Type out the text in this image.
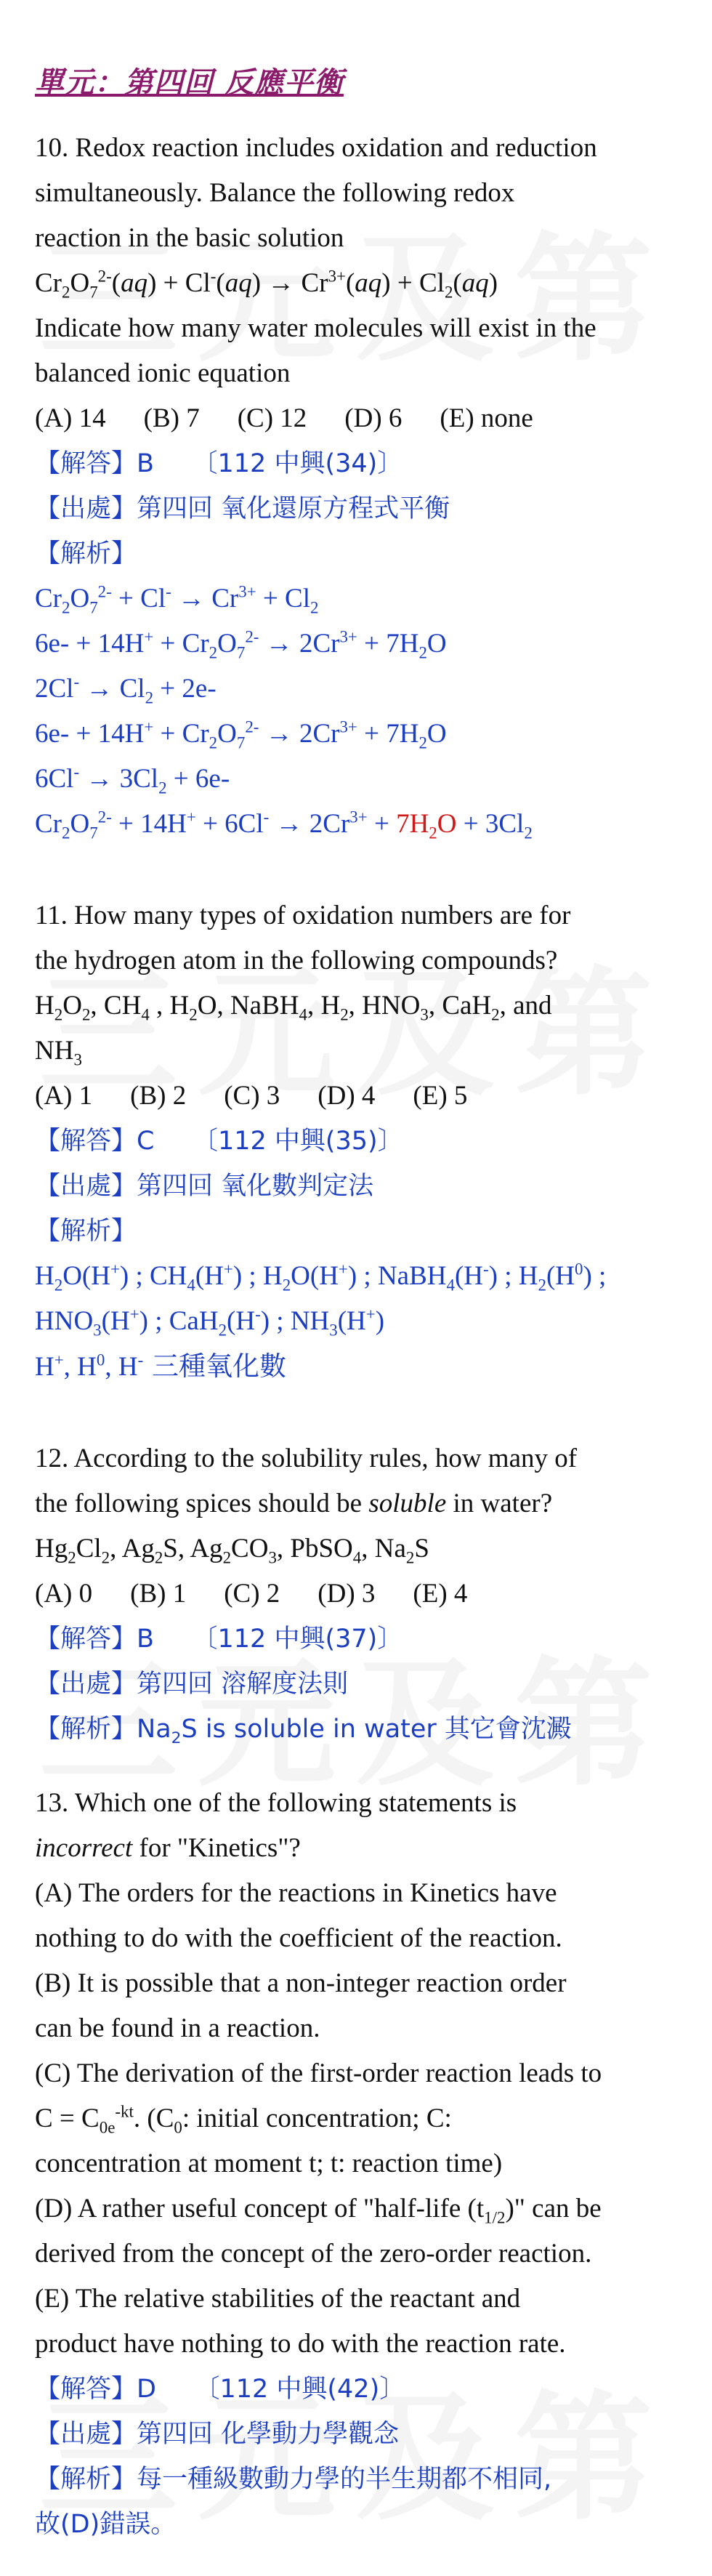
單元：第四回 反應平衡
10. Redox reaction includes oxidation and reduction
simultaneously. Balance the following redox
reaction in the basic solution
$Cr_2O_7^{2-}(aq) + Cl^-(aq) \to Cr^{3+}(aq) + Cl_2(aq)$
Indicate how many water molecules will exist in the
balanced ionic equation
(A) 14 (B) 7 (C) 12 (D) 6 (E) none
【解答】B　　〔112 中興(34)〕
【出處】第四回 氧化還原方程式平衡
【解析】
$Cr_2O_7^{2-} + Cl^- \to Cr^{3+} + Cl_2$
$6e- + 14H^+ + Cr_2O_7^{2-} \to 2Cr^{3+} + 7H_2O$
$2Cl^- \to Cl_2 + 2e-$
$6e- + 14H^+ + Cr_2O_7^{2-} \to 2Cr^{3+} + 7H_2O$
$6Cl^- \to 3Cl_2 + 6e-$
$Cr_2O_7^{2-} + 14H^+ + 6Cl^- \to 2Cr^{3+} + 7H_2O + 3Cl_2$
11. How many types of oxidation numbers are for
the hydrogen atom in the following compounds?
$H_2O_2$, $CH_4$ , $H_2O$, NaBH$_4$, $H_2$, $HNO_3$, CaH$_2$, and
$NH_3$
(A) 1 (B) 2 (C) 3 (D) 4 (E) 5
【解答】C　　〔112 中興(35)〕
【出處】第四回 氧化數判定法
【解析】
$H_2O(H^+)$ ; $CH_4(H^+)$ ; $H_2O(H^+)$ ; NaBH$_4$(H-) ; $H_2(H^0)$ ;
$HNO_3(H^+)$ ; CaH$_2$(H-) ; $NH_3(H^+)$
H+, $H^0$, H- 三種氧化數
12. According to the solubility rules, how many of
the following spices should be soluble in water?
$Hg_2Cl_2$, $Ag_2S$, $Ag_2CO_3$, PbSO$_4$, $Na_2S$
(A) 0 (B) 1 (C) 2 (D) 3 (E) 4
【解答】B　　〔112 中興(37)〕
【出處】第四回 溶解度法則
【解析】$Na_2S$ is soluble in water 其它會沈澱
13. Which one of the following statements is
incorrect for "Kinetics"?
(A) The orders for the reactions in Kinetics have
nothing to do with the coefficient of the reaction.
(B) It is possible that a non-integer reaction order
can be found in a reaction.
(C) The derivation of the first-order reaction leads to
$C = C_{0e}^{-kt}$. ($C_0$: initial concentration; C:
concentration at moment t; t: reaction time)
(D) A rather useful concept of "half-life $(t_{1/2})$" can be
derived from the concept of the zero-order reaction.
(E) The relative stabilities of the reactant and
product have nothing to do with the reaction rate.
【解答】D　　〔112 中興(42)〕
【出處】第四回 化學動力學觀念
【解析】每一種級數動力學的半生期都不相同,
故(D)錯誤。
